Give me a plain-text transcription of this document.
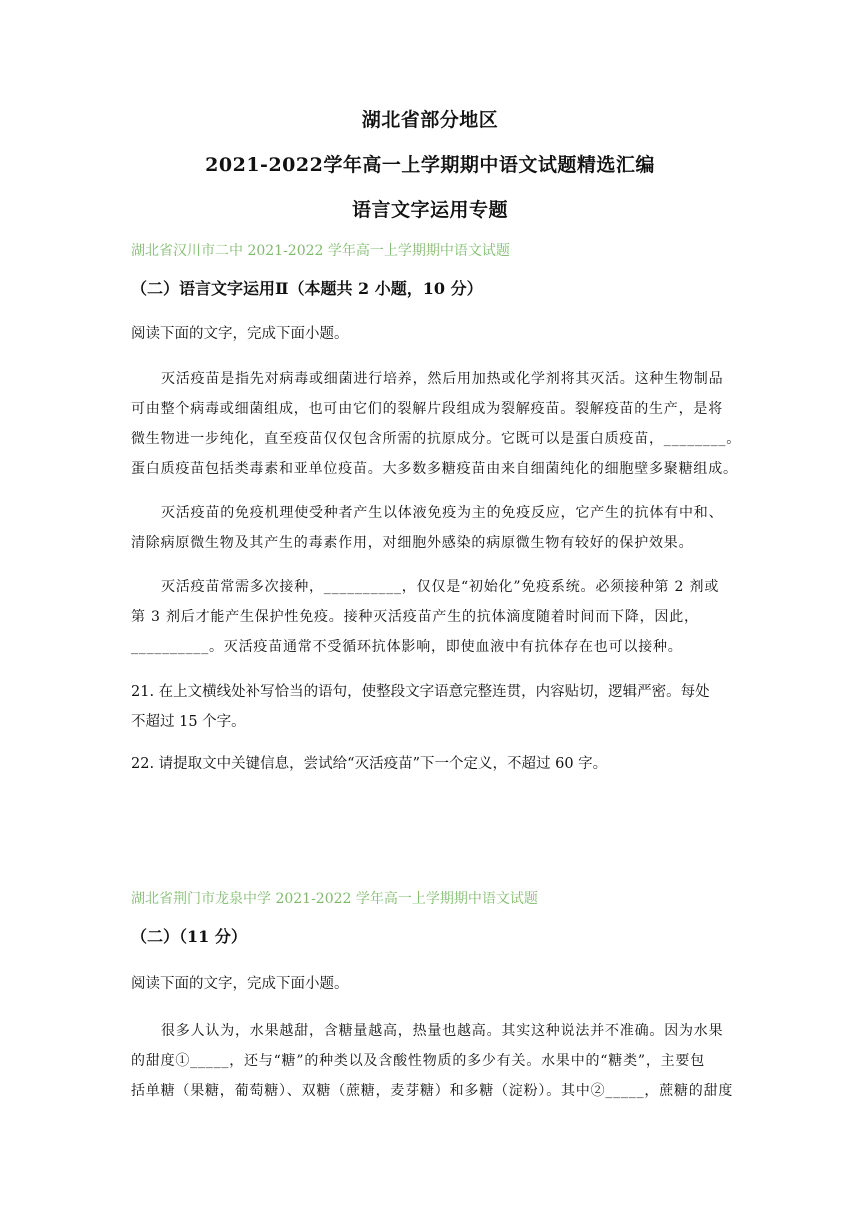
湖北省部分地区
2021-2022学年高一上学期期中语文试题精选汇编
语言文字运用专题
湖北省汉川市二中 2021-2022 学年高一上学期期中语文试题
（二）语言文字运用Ⅱ（本题共 2 小题，10 分）
阅读下面的文字，完成下面小题。
灭活疫苗是指先对病毒或细菌进行培养，然后用加热或化学剂将其灭活。这种生物制品
可由整个病毒或细菌组成，也可由它们的裂解片段组成为裂解疫苗。裂解疫苗的生产，是将
微生物进一步纯化，直至疫苗仅仅包含所需的抗原成分。它既可以是蛋白质疫苗，________。
蛋白质疫苗包括类毒素和亚单位疫苗。大多数多糖疫苗由来自细菌纯化的细胞壁多聚糖组成。
灭活疫苗的免疫机理使受种者产生以体液免疫为主的免疫反应，它产生的抗体有中和、
清除病原微生物及其产生的毒素作用，对细胞外感染的病原微生物有较好的保护效果。
灭活疫苗常需多次接种，__________，仅仅是“初始化”免疫系统。必须接种第 2 剂或
第 3 剂后才能产生保护性免疫。接种灭活疫苗产生的抗体滴度随着时间而下降，因此，
__________。灭活疫苗通常不受循环抗体影响，即使血液中有抗体存在也可以接种。
21. 在上文横线处补写恰当的语句，使整段文字语意完整连贯，内容贴切，逻辑严密。每处
不超过 15 个字。
22. 请提取文中关键信息，尝试给“灭活疫苗”下一个定义，不超过 60 字。
湖北省荆门市龙泉中学 2021-2022 学年高一上学期期中语文试题
（二）（11 分）
阅读下面的文字，完成下面小题。
很多人认为，水果越甜，含糖量越高，热量也越高。其实这种说法并不准确。因为水果
的甜度①_____，还与“糖”的种类以及含酸性物质的多少有关。水果中的“糖类”，主要包
括单糖（果糖，葡萄糖）、双糖（蔗糖，麦芽糖）和多糖（淀粉）。其中②_____，蔗糖的甜度
